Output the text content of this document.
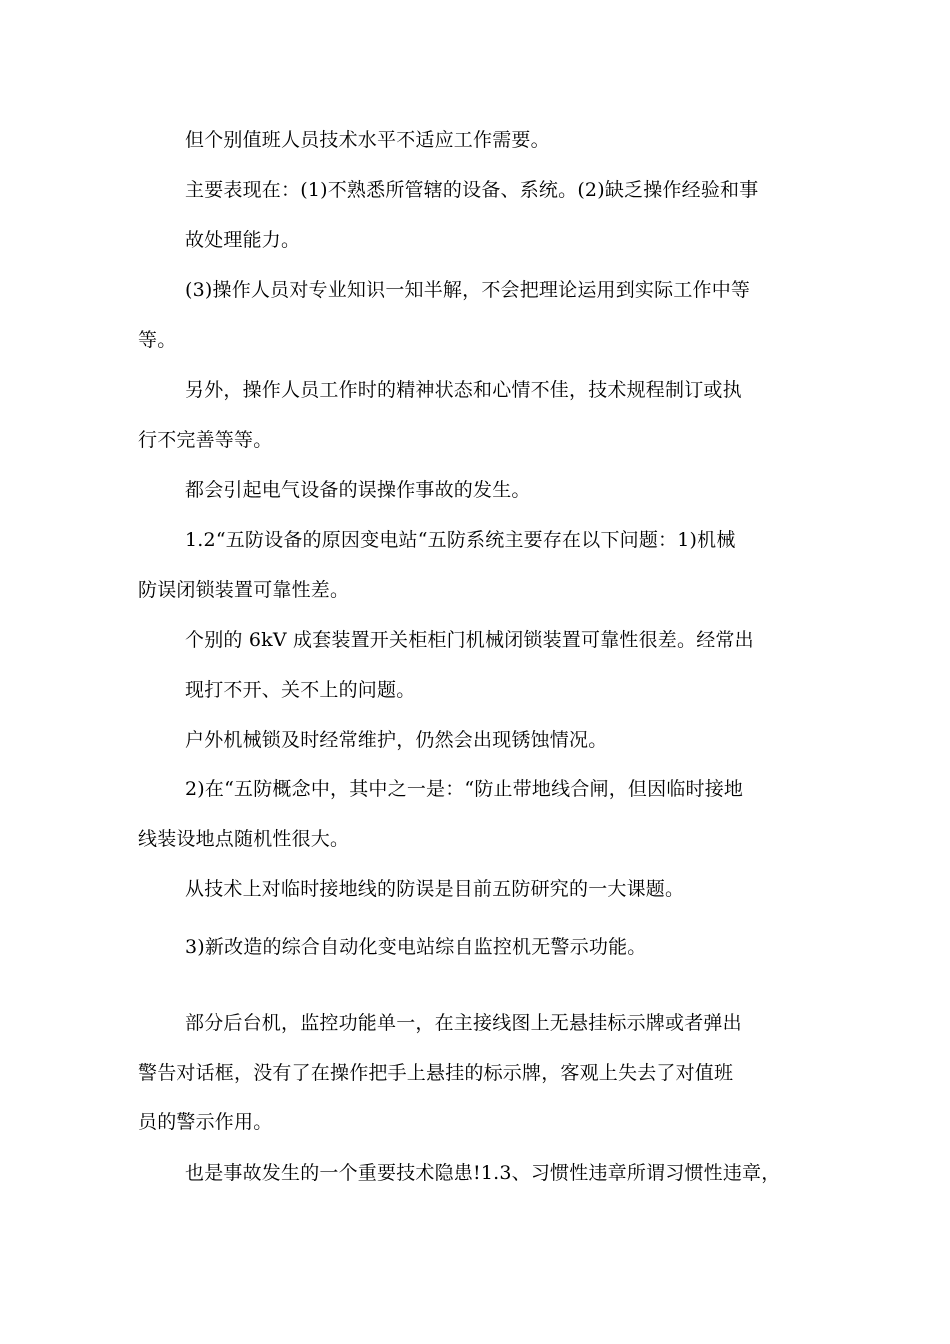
但个别值班人员技术水平不适应工作需要。
主要表现在：(1)不熟悉所管辖的设备、系统。(2)缺乏操作经验和事
故处理能力。
(3)操作人员对专业知识一知半解，不会把理论运用到实际工作中等
等。
另外，操作人员工作时的精神状态和心情不佳，技术规程制订或执
行不完善等等。
都会引起电气设备的误操作事故的发生。
1.2“五防设备的原因变电站“五防系统主要存在以下问题：1)机械
防误闭锁装置可靠性差。
个别的 6kV 成套装置开关柜柜门机械闭锁装置可靠性很差。经常出
现打不开、关不上的问题。
户外机械锁及时经常维护，仍然会出现锈蚀情况。
2)在“五防概念中，其中之一是：“防止带地线合闸，但因临时接地
线装设地点随机性很大。
从技术上对临时接地线的防误是目前五防研究的一大课题。
3)新改造的综合自动化变电站综自监控机无警示功能。
部分后台机，监控功能单一，在主接线图上无悬挂标示牌或者弹出
警告对话框，没有了在操作把手上悬挂的标示牌，客观上失去了对值班
员的警示作用。
也是事故发生的一个重要技术隐患!1.3、习惯性违章所谓习惯性违章，
